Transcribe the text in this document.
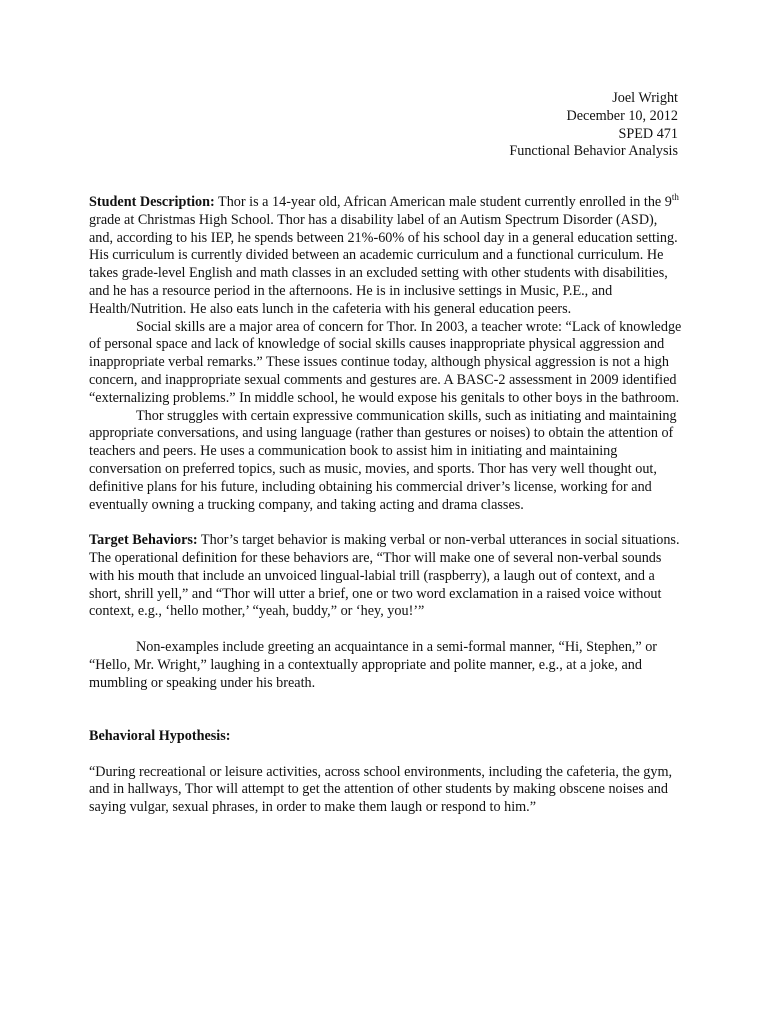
Joel Wright
December 10, 2012
SPED 471
Functional Behavior Analysis

Student Description: Thor is a 14-year old, African American male student currently enrolled in the 9th grade at Christmas High School. Thor has a disability label of an Autism Spectrum Disorder (ASD), and, according to his IEP, he spends between 21%-60% of his school day in a general education setting. His curriculum is currently divided between an academic curriculum and a functional curriculum. He takes grade-level English and math classes in an excluded setting with other students with disabilities, and he has a resource period in the afternoons. He is in inclusive settings in Music, P.E., and Health/Nutrition. He also eats lunch in the cafeteria with his general education peers.

Social skills are a major area of concern for Thor. In 2003, a teacher wrote: “Lack of knowledge of personal space and lack of knowledge of social skills causes inappropriate physical aggression and inappropriate verbal remarks.” These issues continue today, although physical aggression is not a high concern, and inappropriate sexual comments and gestures are. A BASC-2 assessment in 2009 identified “externalizing problems.” In middle school, he would expose his genitals to other boys in the bathroom.

Thor struggles with certain expressive communication skills, such as initiating and maintaining appropriate conversations, and using language (rather than gestures or noises) to obtain the attention of teachers and peers. He uses a communication book to assist him in initiating and maintaining conversation on preferred topics, such as music, movies, and sports. Thor has very well thought out, definitive plans for his future, including obtaining his commercial driver’s license, working for and eventually owning a trucking company, and taking acting and drama classes.

Target Behaviors: Thor’s target behavior is making verbal or non-verbal utterances in social situations. The operational definition for these behaviors are, “Thor will make one of several non-verbal sounds with his mouth that include an unvoiced lingual-labial trill (raspberry), a laugh out of context, and a short, shrill yell,” and “Thor will utter a brief, one or two word exclamation in a raised voice without context, e.g., ‘hello mother,’ “yeah, buddy,” or ‘hey, you!’”

Non-examples include greeting an acquaintance in a semi-formal manner, “Hi, Stephen,” or “Hello, Mr. Wright,” laughing in a contextually appropriate and polite manner, e.g., at a joke, and mumbling or speaking under his breath.

Behavioral Hypothesis:

“During recreational or leisure activities, across school environments, including the cafeteria, the gym, and in hallways, Thor will attempt to get the attention of other students by making obscene noises and saying vulgar, sexual phrases, in order to make them laugh or respond to him.”
